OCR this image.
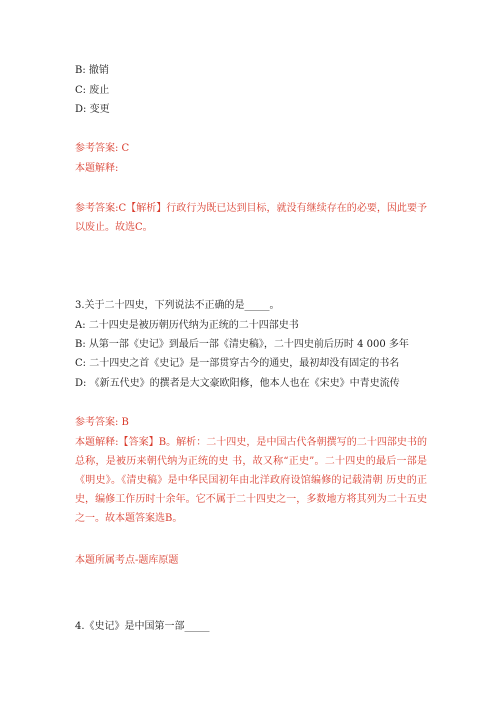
B: 撤销
C: 废止
D: 变更
参考答案: C
本题解释:
参考答案:C【解析】行政行为既已达到目标，就没有继续存在的必要，因此要予以废止。故选C。
3.关于二十四史，下列说法不正确的是_____。
A: 二十四史是被历朝历代纳为正统的二十四部史书
B: 从第一部《史记》到最后一部《清史稿》，二十四史前后历时 4 000 多年
C: 二十四史之首《史记》是一部贯穿古今的通史，最初却没有固定的书名
D: 《新五代史》的撰者是大文豪欧阳修，他本人也在《宋史》中青史流传
参考答案: B
本题解释:【答案】B。解析：二十四史，是中国古代各朝撰写的二十四部史书的总称，是被历来朝代纳为正统的史 书，故又称“正史”。二十四史的最后一部是《明史》。《清史稿》是中华民国初年由北洋政府设馆编修的记载清朝 历史的正史，编修工作历时十余年。它不属于二十四史之一，多数地方将其列为二十五史之一。故本题答案选B。
本题所属考点-题库原题
4.《史记》是中国第一部_____
